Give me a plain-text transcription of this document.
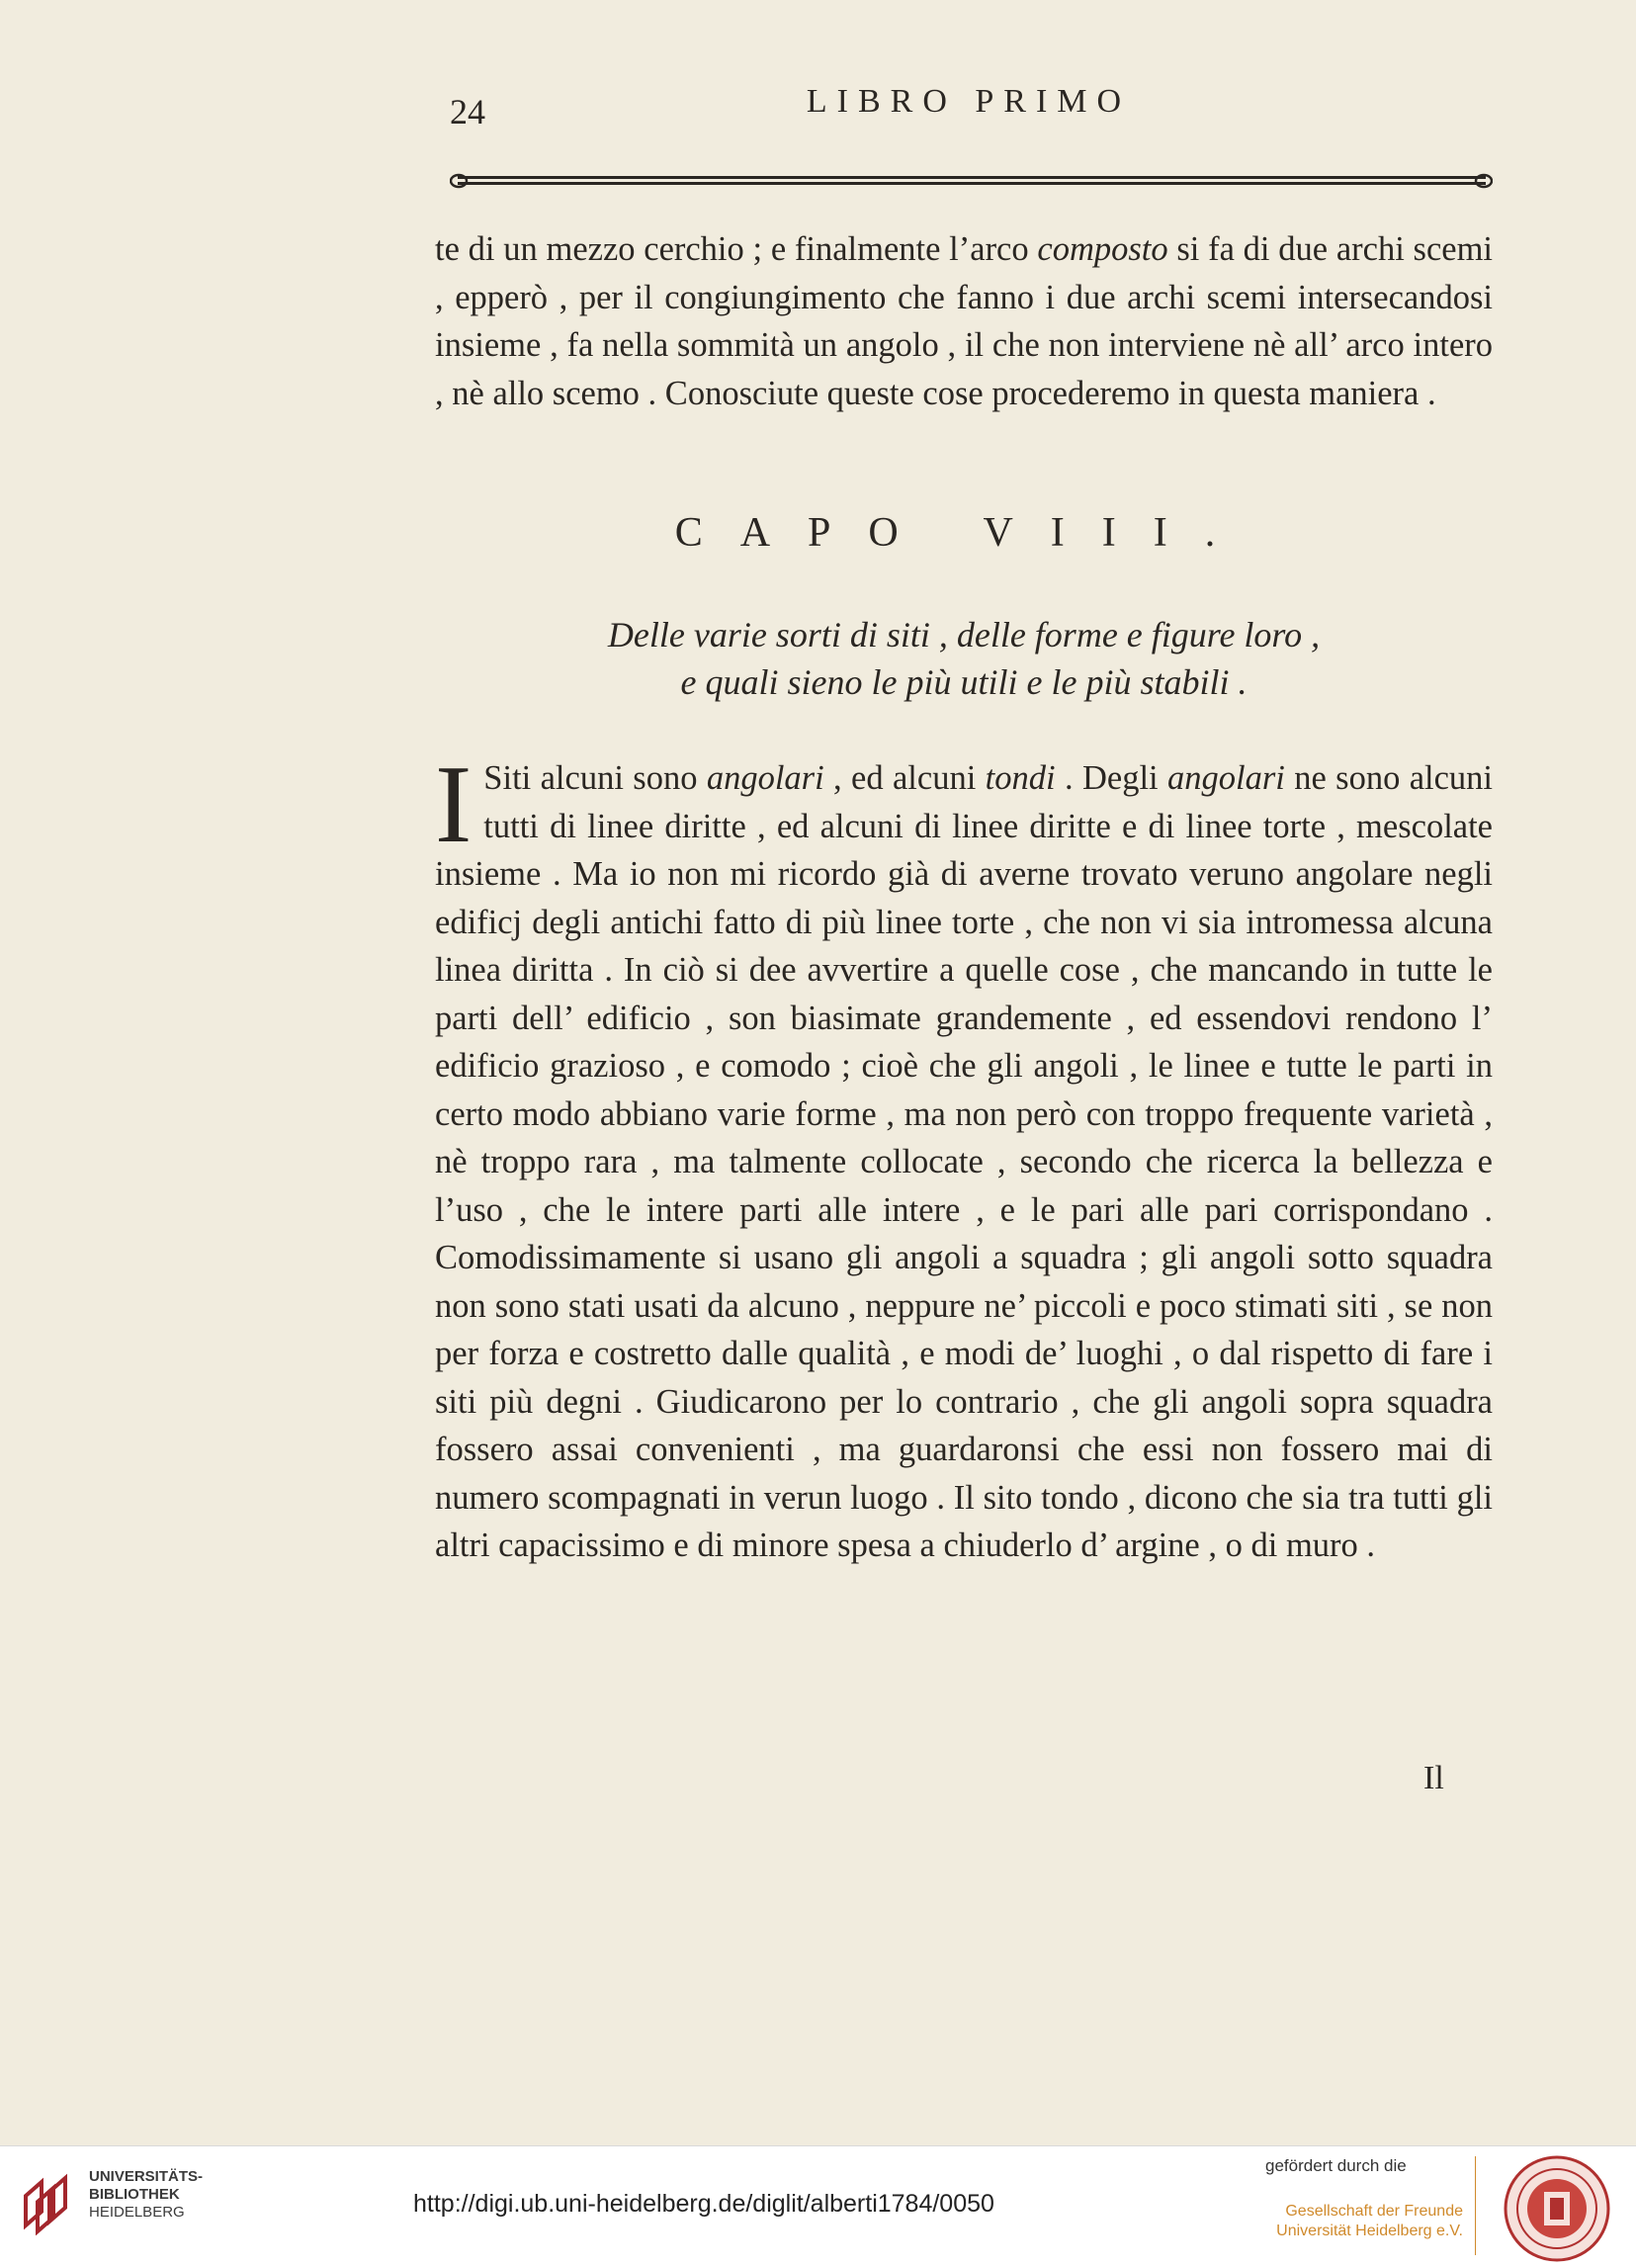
24	LIBRO PRIMO

te di un mezzo cerchio ; e finalmente l’arco composto si fa di due archi scemi , epperò , per il congiungimento che fanno i due archi scemi intersecandosi insieme , fa nella sommità un angolo , il che non interviene nè all’ arco intero , nè allo scemo . Conosciute queste cose procederemo in questa maniera .

CAPO VIII.
Delle varie sorti di siti , delle forme e figure loro ,
e quali sieno le più utili e le più stabili .

I Siti alcuni sono angolari , ed alcuni tondi . Degli angolari ne sono alcuni tutti di linee diritte , ed alcuni di linee diritte e di linee torte , mescolate insieme . Ma io non mi ricordo già di averne trovato veruno angolare negli edificj degli antichi fatto di più linee torte , che non vi sia intromessa alcuna linea diritta . In ciò si dee avvertire a quelle cose , che mancando in tutte le parti dell’ edificio , son biasimate grandemente , ed essendovi rendono l’ edificio grazioso , e comodo ; cioè che gli angoli , le linee e tutte le parti in certo modo abbiano varie forme , ma non però con troppo frequente varietà , nè troppo rara , ma talmente collocate , secondo che ricerca la bellezza e l’uso , che le intere parti alle intere , e le pari alle pari corrispondano . Comodissimamente si usano gli angoli a squadra ; gli angoli sotto squadra non sono stati usati da alcuno , neppure ne’ piccoli e poco stimati siti , se non per forza e costretto dalle qualità , e modi de’ luoghi , o dal rispetto di fare i siti più degni . Giudicarono per lo contrario , che gli angoli sopra squadra fossero assai convenienti , ma guardaronsi che essi non fossero mai di numero scompagnati in verun luogo . Il sito tondo , dicono che sia tra tutti gli altri capacissimo e di minore spesa a chiuderlo d’ argine , o di muro .

Il
UNIVERSITÄTS-
BIBLIOTHEK
HEIDELBERG	http://digi.ub.uni-heidelberg.de/diglit/alberti1784/0050
gefördert durch die
Gesellschaft der Freunde
Universität Heidelberg e.V.
